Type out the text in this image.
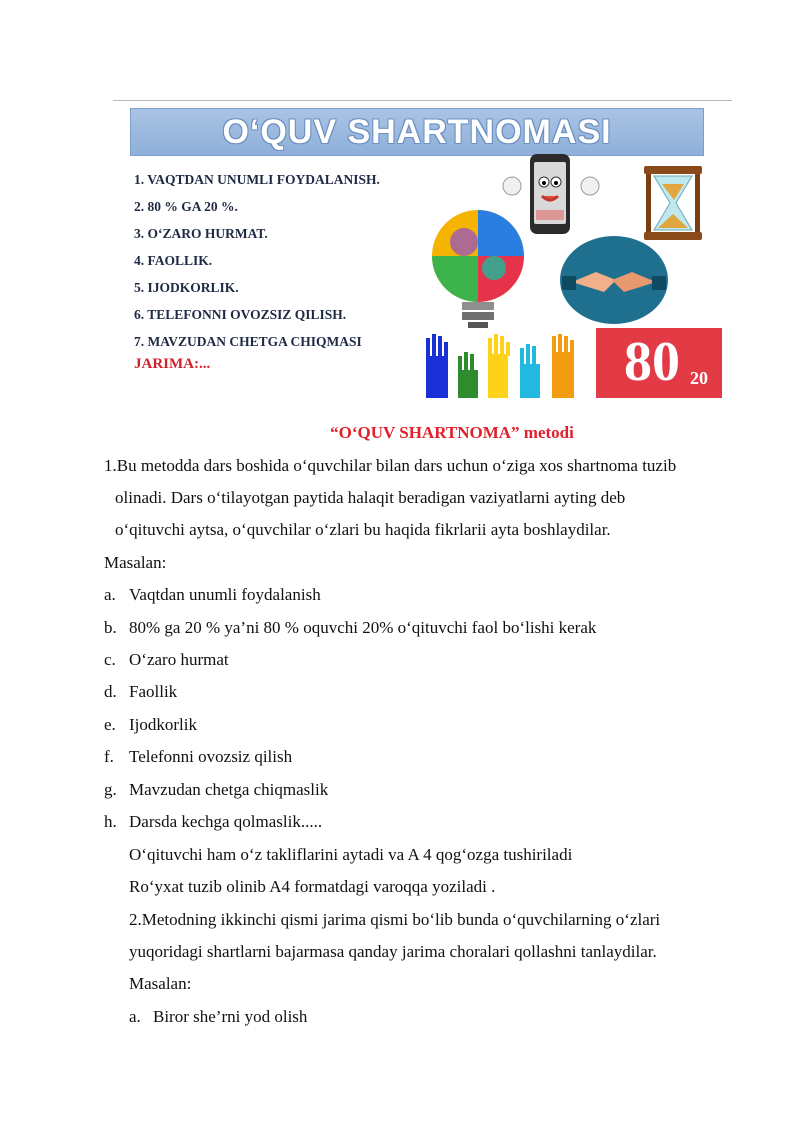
O‘QUV SHARTNOMASI
1. VAQTDAN UNUMLI FOYDALANISH.
2. 80 % GA 20 %.
3. O‘ZARO HURMAT.
4. FAOLLIK.
5. IJODKORLIK.
6. TELEFONNI OVOZSIZ QILISH.
7. MAVZUDAN CHETGA CHIQMASI
JARIMA:...	80 20
“O‘QUV SHARTNOMA” metodi
1.Bu metodda dars boshida o‘quvchilar bilan dars uchun o‘ziga xos shartnoma tuzib
olinadi. Dars o‘tilayotgan paytida halaqit beradigan vaziyatlarni ayting deb
o‘qituvchi aytsa, o‘quvchilar o‘zlari bu haqida fikrlarii ayta boshlaydilar.
Masalan:
a. Vaqtdan unumli foydalanish
b. 80% ga 20 % ya’ni 80 % oquvchi 20% o‘qituvchi faol bo‘lishi kerak
c. O‘zaro hurmat
d. Faollik
e. Ijodkorlik
f. Telefonni ovozsiz qilish
g. Mavzudan chetga chiqmaslik
h. Darsda kechga qolmaslik.....
O‘qituvchi ham o‘z takliflarini aytadi va A 4 qog‘ozga tushiriladi
Ro‘yxat tuzib olinib A4 formatdagi varoqqa yoziladi .
2.Metodning ikkinchi qismi jarima qismi bo‘lib bunda o‘quvchilarning o‘zlari
yuqoridagi shartlarni bajarmasa qanday jarima choralari qollashni tanlaydilar.
Masalan:
a. Biror she’rni yod olish
